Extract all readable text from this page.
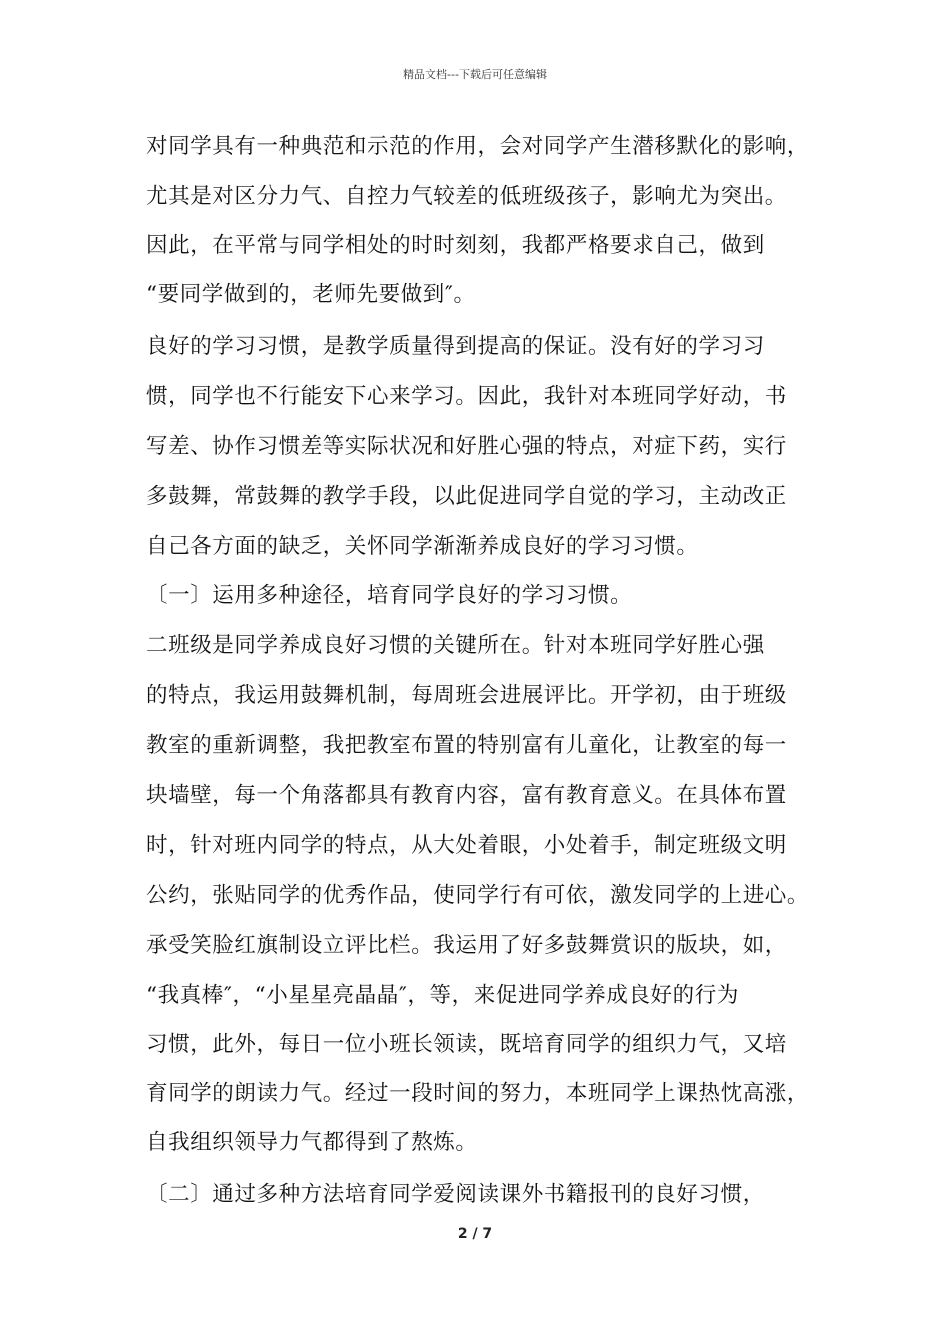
精品文档---下载后可任意编辑
对同学具有一种典范和示范的作用，会对同学产生潜移默化的影响，
尤其是对区分力气、自控力气较差的低班级孩子，影响尤为突出。
因此，在平常与同学相处的时时刻刻，我都严格要求自己，做到
“要同学做到的，老师先要做到″。
良好的学习习惯，是教学质量得到提高的保证。没有好的学习习
惯，同学也不行能安下心来学习。因此，我针对本班同学好动，书
写差、协作习惯差等实际状况和好胜心强的特点，对症下药，实行
多鼓舞，常鼓舞的教学手段，以此促进同学自觉的学习，主动改正
自己各方面的缺乏，关怀同学渐渐养成良好的学习习惯。
〔一〕运用多种途径，培育同学良好的学习习惯。
二班级是同学养成良好习惯的关键所在。针对本班同学好胜心强
的特点，我运用鼓舞机制，每周班会进展评比。开学初，由于班级
教室的重新调整，我把教室布置的特别富有儿童化，让教室的每一
块墙壁，每一个角落都具有教育内容，富有教育意义。在具体布置
时，针对班内同学的特点，从大处着眼，小处着手，制定班级文明
公约，张贴同学的优秀作品，使同学行有可依，激发同学的上进心。
承受笑脸红旗制设立评比栏。我运用了好多鼓舞赏识的版块，如，
“我真棒″，“小星星亮晶晶″，等，来促进同学养成良好的行为
习惯，此外，每日一位小班长领读，既培育同学的组织力气，又培
育同学的朗读力气。经过一段时间的努力，本班同学上课热忱高涨，
自我组织领导力气都得到了熬炼。
〔二〕通过多种方法培育同学爱阅读课外书籍报刊的良好习惯，
2 / 7
